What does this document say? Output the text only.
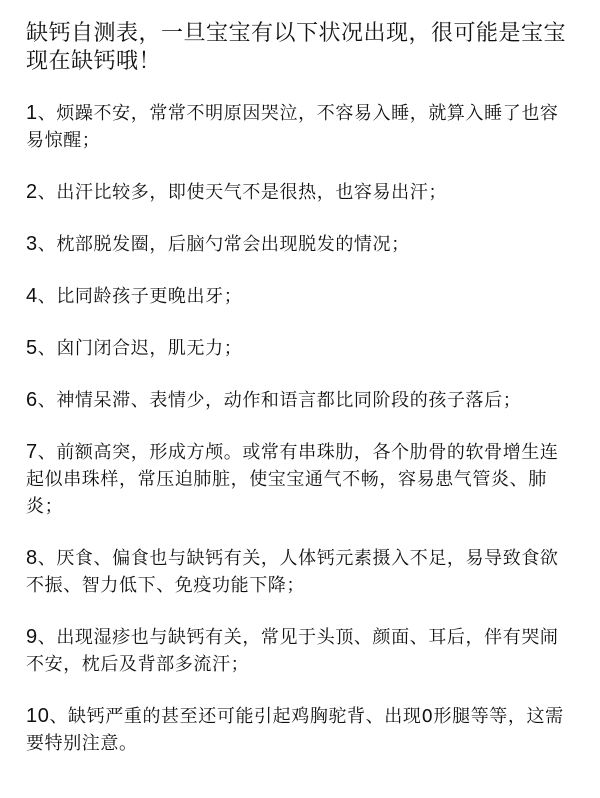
缺钙自测表，一旦宝宝有以下状况出现，很可能是宝宝现在缺钙哦！
1、烦躁不安，常常不明原因哭泣，不容易入睡，就算入睡了也容易惊醒；
2、出汗比较多，即使天气不是很热，也容易出汗；
3、枕部脱发圈，后脑勺常会出现脱发的情况；
4、比同龄孩子更晚出牙；
5、囟门闭合迟，肌无力；
6、神情呆滞、表情少，动作和语言都比同阶段的孩子落后；
7、前额高突，形成方颅。或常有串珠肋，各个肋骨的软骨增生连起似串珠样，常压迫肺脏，使宝宝通气不畅，容易患气管炎、肺炎；
8、厌食、偏食也与缺钙有关，人体钙元素摄入不足，易导致食欲不振、智力低下、免疫功能下降；
9、出现湿疹也与缺钙有关，常见于头顶、颜面、耳后，伴有哭闹不安，枕后及背部多流汗；
10、缺钙严重的甚至还可能引起鸡胸驼背、出现0形腿等等，这需要特别注意。
